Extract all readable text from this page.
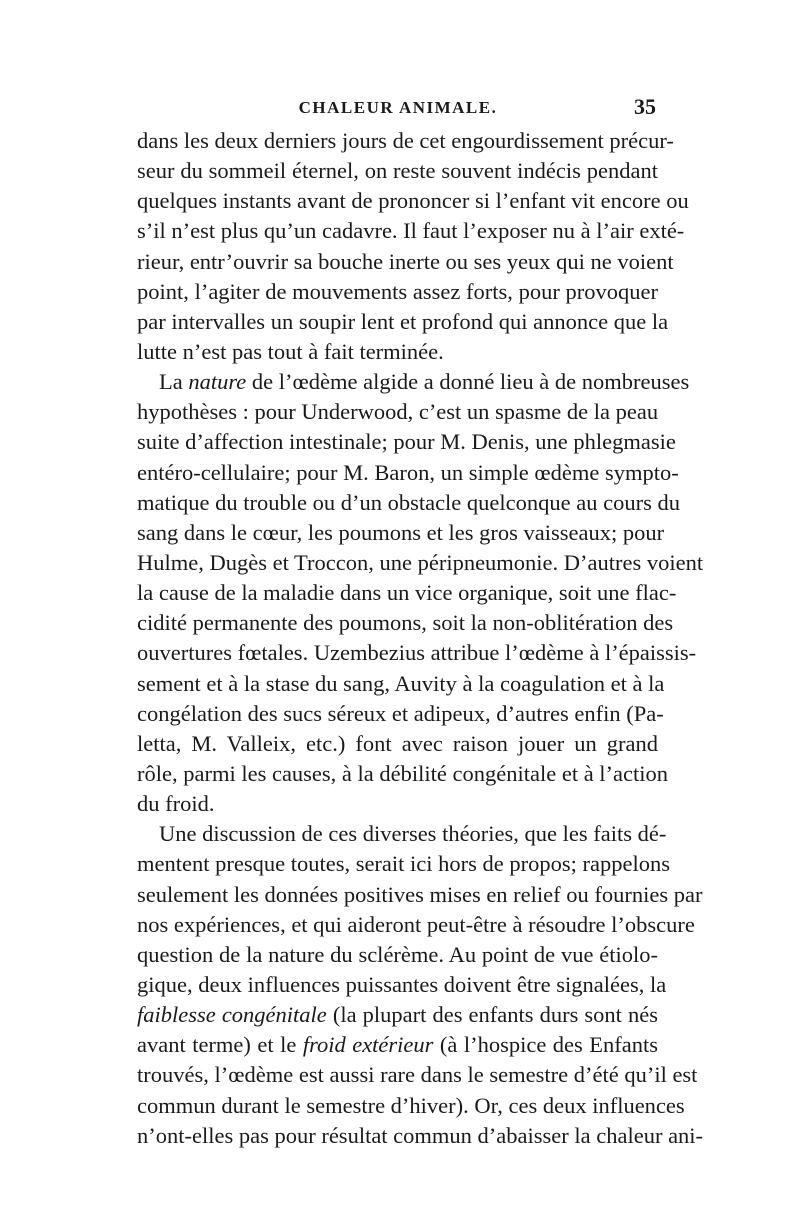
CHALEUR ANIMALE.	35

dans les deux derniers jours de cet engourdissement précur-
seur du sommeil éternel, on reste souvent indécis pendant
quelques instants avant de prononcer si l’enfant vit encore ou
s’il n’est plus qu’un cadavre. Il faut l’exposer nu à l’air exté-
rieur, entr’ouvrir sa bouche inerte ou ses yeux qui ne voient
point, l’agiter de mouvements assez forts, pour provoquer
par intervalles un soupir lent et profond qui annonce que la
lutte n’est pas tout à fait terminée.

La nature de l’œdème algide a donné lieu à de nombreuses
hypothèses : pour Underwood, c’est un spasme de la peau
suite d’affection intestinale; pour M. Denis, une phlegmasie
entéro-cellulaire; pour M. Baron, un simple œdème sympto-
matique du trouble ou d’un obstacle quelconque au cours du
sang dans le cœur, les poumons et les gros vaisseaux; pour
Hulme, Dugès et Troccon, une péripneumonie. D’autres voient
la cause de la maladie dans un vice organique, soit une flac-
cidité permanente des poumons, soit la non-oblitération des
ouvertures fœtales. Uzembezius attribue l’œdème à l’épaissis-
sement et à la stase du sang, Auvity à la coagulation et à la
congélation des sucs séreux et adipeux, d’autres enfin (Pa-
letta, M. Valleix, etc.) font avec raison jouer un grand
rôle, parmi les causes, à la débilité congénitale et à l’action
du froid.

Une discussion de ces diverses théories, que les faits dé-
mentent presque toutes, serait ici hors de propos; rappelons
seulement les données positives mises en relief ou fournies par
nos expériences, et qui aideront peut-être à résoudre l’obscure
question de la nature du sclérème. Au point de vue étiolo-
gique, deux influences puissantes doivent être signalées, la
faiblesse congénitale (la plupart des enfants durs sont nés
avant terme) et le froid extérieur (à l’hospice des Enfants
trouvés, l’œdème est aussi rare dans le semestre d’été qu’il est
commun durant le semestre d’hiver). Or, ces deux influences
n’ont-elles pas pour résultat commun d’abaisser la chaleur ani-
